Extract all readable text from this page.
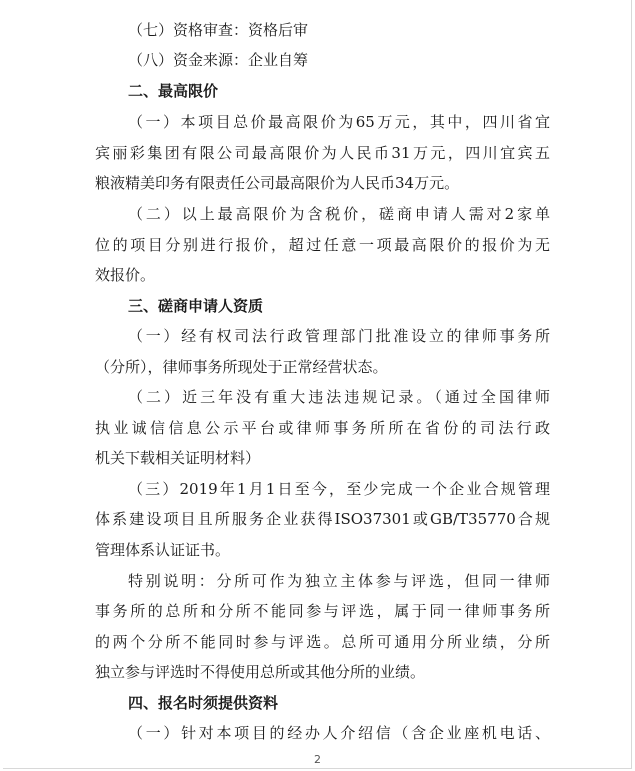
（七）资格审查：资格后审
（八）资金来源：企业自筹
二、最高限价
（一）本项目总价最高限价为65万元，其中，四川省宜
宾丽彩集团有限公司最高限价为人民币31万元，四川宜宾五
粮液精美印务有限责任公司最高限价为人民币34万元。
（二）以上最高限价为含税价，磋商申请人需对2家单
位的项目分别进行报价，超过任意一项最高限价的报价为无
效报价。
三、磋商申请人资质
（一）经有权司法行政管理部门批准设立的律师事务所
（分所），律师事务所现处于正常经营状态。
（二）近三年没有重大违法违规记录。（通过全国律师
执业诚信信息公示平台或律师事务所所在省份的司法行政
机关下载相关证明材料）
（三）2019年1月1日至今，至少完成一个企业合规管理
体系建设项目且所服务企业获得ISO37301或GB/T35770合规
管理体系认证证书。
特别说明：分所可作为独立主体参与评选，但同一律师
事务所的总所和分所不能同参与评选，属于同一律师事务所
的两个分所不能同时参与评选。总所可通用分所业绩，分所
独立参与评选时不得使用总所或其他分所的业绩。
四、报名时须提供资料
（一）针对本项目的经办人介绍信（含企业座机电话、
2
